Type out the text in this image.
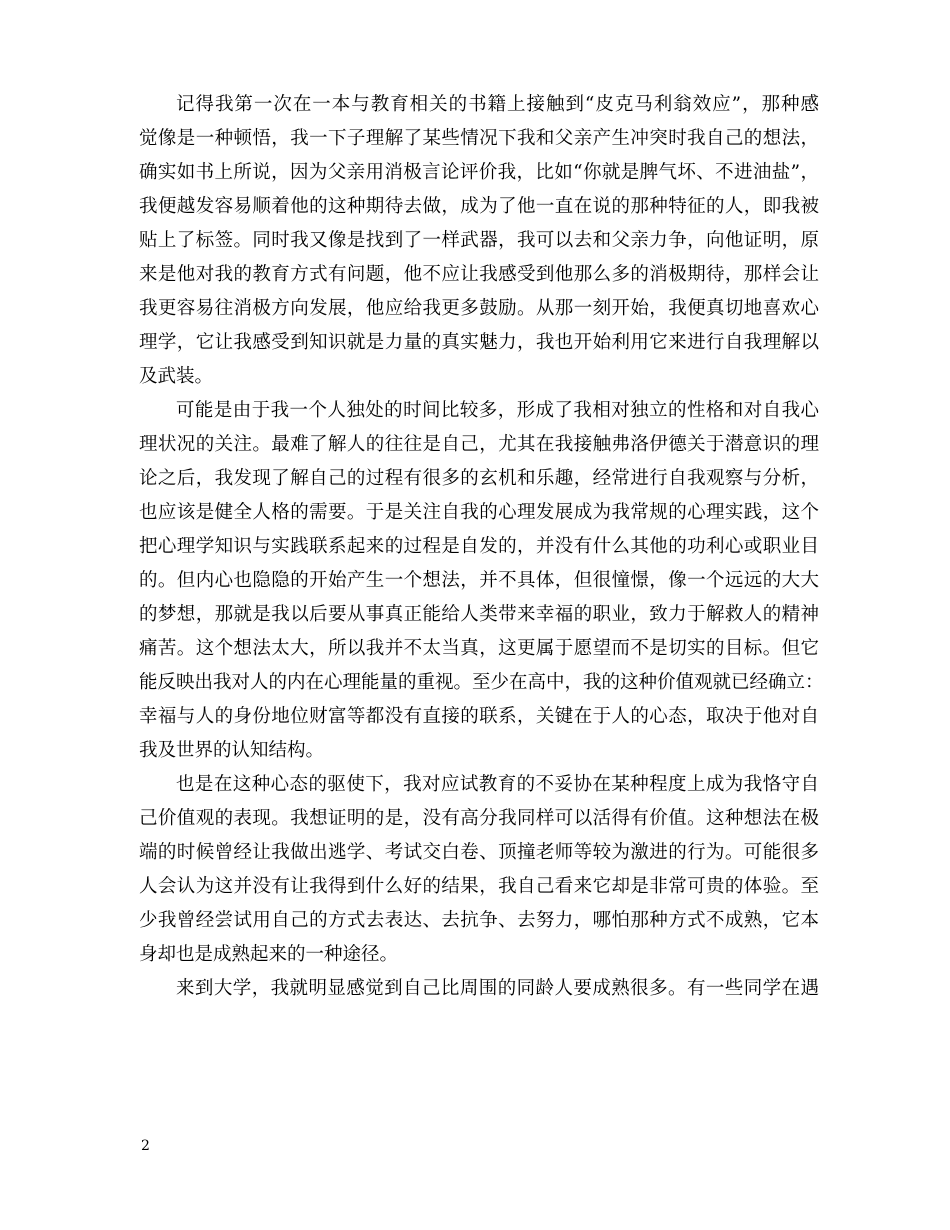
记得我第一次在一本与教育相关的书籍上接触到“皮克马利翁效应”，那种感
觉像是一种顿悟，我一下子理解了某些情况下我和父亲产生冲突时我自己的想法，
确实如书上所说，因为父亲用消极言论评价我，比如“你就是脾气坏、不进油盐”，
我便越发容易顺着他的这种期待去做，成为了他一直在说的那种特征的人，即我被
贴上了标签。同时我又像是找到了一样武器，我可以去和父亲力争，向他证明，原
来是他对我的教育方式有问题，他不应让我感受到他那么多的消极期待，那样会让
我更容易往消极方向发展，他应给我更多鼓励。从那一刻开始，我便真切地喜欢心
理学，它让我感受到知识就是力量的真实魅力，我也开始利用它来进行自我理解以
及武装。
可能是由于我一个人独处的时间比较多，形成了我相对独立的性格和对自我心
理状况的关注。最难了解人的往往是自己，尤其在我接触弗洛伊德关于潜意识的理
论之后，我发现了解自己的过程有很多的玄机和乐趣，经常进行自我观察与分析，
也应该是健全人格的需要。于是关注自我的心理发展成为我常规的心理实践，这个
把心理学知识与实践联系起来的过程是自发的，并没有什么其他的功利心或职业目
的。但内心也隐隐的开始产生一个想法，并不具体，但很憧憬，像一个远远的大大
的梦想，那就是我以后要从事真正能给人类带来幸福的职业，致力于解救人的精神
痛苦。这个想法太大，所以我并不太当真，这更属于愿望而不是切实的目标。但它
能反映出我对人的内在心理能量的重视。至少在高中，我的这种价值观就已经确立：
幸福与人的身份地位财富等都没有直接的联系，关键在于人的心态，取决于他对自
我及世界的认知结构。
也是在这种心态的驱使下，我对应试教育的不妥协在某种程度上成为我恪守自
己价值观的表现。我想证明的是，没有高分我同样可以活得有价值。这种想法在极
端的时候曾经让我做出逃学、考试交白卷、顶撞老师等较为激进的行为。可能很多
人会认为这并没有让我得到什么好的结果，我自己看来它却是非常可贵的体验。至
少我曾经尝试用自己的方式去表达、去抗争、去努力，哪怕那种方式不成熟，它本
身却也是成熟起来的一种途径。
来到大学，我就明显感觉到自己比周围的同龄人要成熟很多。有一些同学在遇
2
